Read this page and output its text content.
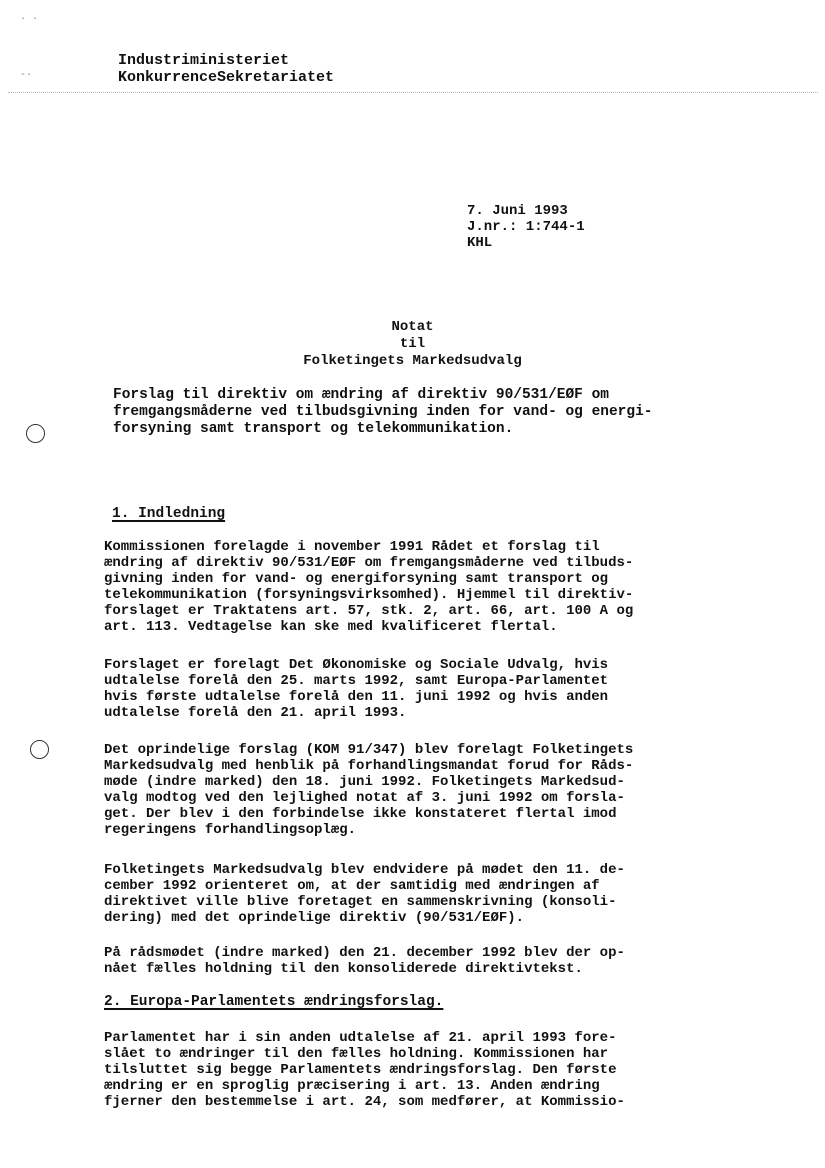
· ·
-·
Industriministeriet
KonkurrenceSekretariatet
7. Juni 1993
J.nr.: 1:744-1
KHL
Notat
til
Folketingets Markedsudvalg
Forslag til direktiv om ændring af direktiv 90/531/EØF om
fremgangsmåderne ved tilbudsgivning inden for vand- og energi-
forsyning samt transport og telekommunikation.
1. Indledning
Kommissionen forelagde i november 1991 Rådet et forslag til
ændring af direktiv 90/531/EØF om fremgangsmåderne ved tilbuds-
givning inden for vand- og energiforsyning samt transport og
telekommunikation (forsyningsvirksomhed). Hjemmel til direktiv-
forslaget er Traktatens art. 57, stk. 2, art. 66, art. 100 A og
art. 113. Vedtagelse kan ske med kvalificeret flertal.
Forslaget er forelagt Det Økonomiske og Sociale Udvalg, hvis
udtalelse forelå den 25. marts 1992, samt Europa-Parlamentet
hvis første udtalelse forelå den 11. juni 1992 og hvis anden
udtalelse forelå den 21. april 1993.
Det oprindelige forslag (KOM 91/347) blev forelagt Folketingets
Markedsudvalg med henblik på forhandlingsmandat forud for Råds-
møde (indre marked) den 18. juni 1992. Folketingets Markedsud-
valg modtog ved den lejlighed notat af 3. juni 1992 om forsla-
get. Der blev i den forbindelse ikke konstateret flertal imod
regeringens forhandlingsoplæg.
Folketingets Markedsudvalg blev endvidere på mødet den 11. de-
cember 1992 orienteret om, at der samtidig med ændringen af
direktivet ville blive foretaget en sammenskrivning (konsoli-
dering) med det oprindelige direktiv (90/531/EØF).
På rådsmødet (indre marked) den 21. december 1992 blev der op-
nået fælles holdning til den konsoliderede direktivtekst.
2. Europa-Parlamentets ændringsforslag.
Parlamentet har i sin anden udtalelse af 21. april 1993 fore-
slået to ændringer til den fælles holdning. Kommissionen har
tilsluttet sig begge Parlamentets ændringsforslag. Den første
ændring er en sproglig præcisering i art. 13. Anden ændring
fjerner den bestemmelse i art. 24, som medfører, at Kommissio-
